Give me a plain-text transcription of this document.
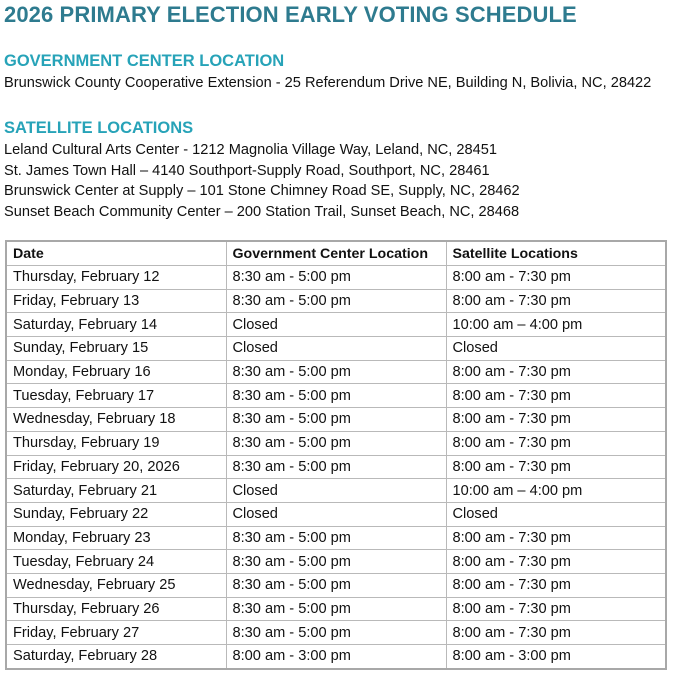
2026 PRIMARY ELECTION EARLY VOTING SCHEDULE
GOVERNMENT CENTER LOCATION

Brunswick County Cooperative Extension - 25 Referendum Drive NE, Building N, Bolivia, NC, 28422

SATELLITE LOCATIONS
Leland Cultural Arts Center - 1212 Magnolia Village Way, Leland, NC, 28451
St. James Town Hall – 4140 Southport-Supply Road, Southport, NC, 28461
Brunswick Center at Supply – 101 Stone Chimney Road SE, Supply, NC, 28462
Sunset Beach Community Center – 200 Station Trail, Sunset Beach, NC, 28468
Date	Government Center Location	Satellite Locations
Thursday, February 12	8:30 am - 5:00 pm	8:00 am - 7:30 pm
Friday, February 13	8:30 am - 5:00 pm	8:00 am - 7:30 pm
Saturday, February 14	Closed	10:00 am – 4:00 pm
Sunday, February 15	Closed	Closed
Monday, February 16	8:30 am - 5:00 pm	8:00 am - 7:30 pm
Tuesday, February 17	8:30 am - 5:00 pm	8:00 am - 7:30 pm
Wednesday, February 18	8:30 am - 5:00 pm	8:00 am - 7:30 pm
Thursday, February 19	8:30 am - 5:00 pm	8:00 am - 7:30 pm
Friday, February 20, 2026	8:30 am - 5:00 pm	8:00 am - 7:30 pm
Saturday, February 21	Closed	10:00 am – 4:00 pm
Sunday, February 22	Closed	Closed
Monday, February 23	8:30 am - 5:00 pm	8:00 am - 7:30 pm
Tuesday, February 24	8:30 am - 5:00 pm	8:00 am - 7:30 pm
Wednesday, February 25	8:30 am - 5:00 pm	8:00 am - 7:30 pm
Thursday, February 26	8:30 am - 5:00 pm	8:00 am - 7:30 pm
Friday, February 27	8:30 am - 5:00 pm	8:00 am - 7:30 pm
Saturday, February 28	8:00 am - 3:00 pm	8:00 am - 3:00 pm
